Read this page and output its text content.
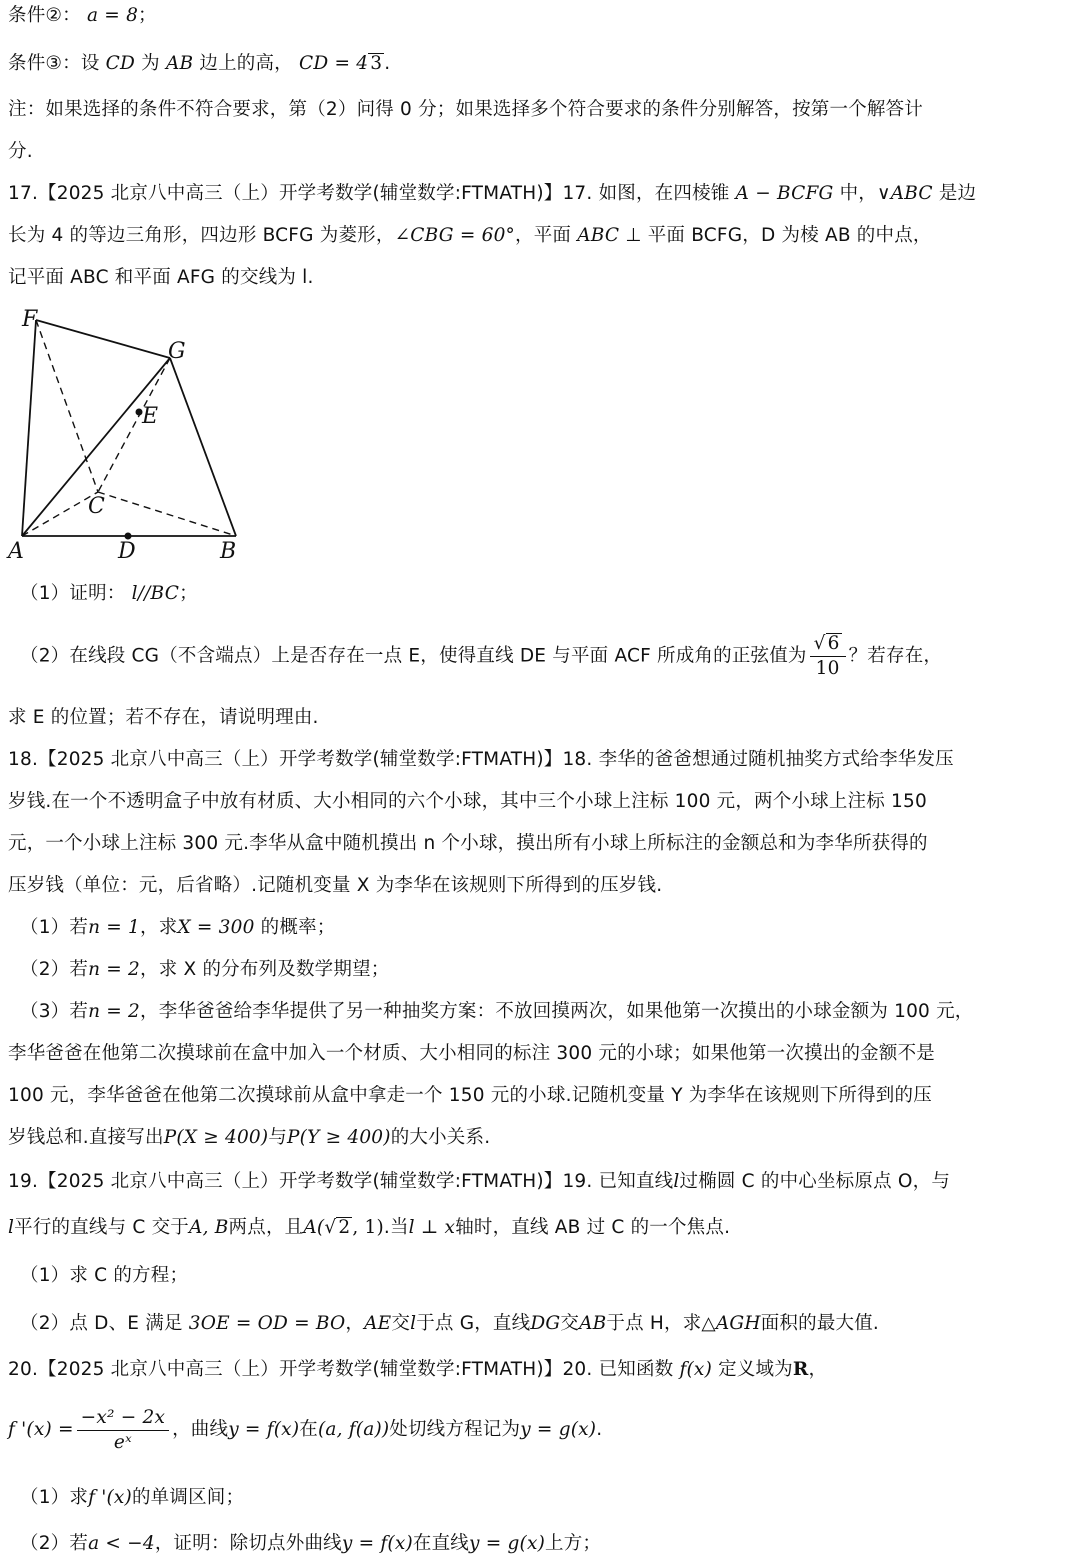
条件②： a = 8；
条件③：设 CD 为 AB 边上的高， CD = 4 3 .
注：如果选择的条件不符合要求，第（2）问得 0 分；如果选择多个符合要求的条件分别解答，按第一个解答计
分.
17.【2025 北京八中高三（上）开学考数学(辅堂数学:FTMATH)】17. 如图，在四棱锥 A − BCFG 中，∨ABC 是边
长为 4 的等边三角形，四边形 BCFG 为菱形，∠CBG = 60°，平面 ABC ⊥ 平面 BCFG，D 为棱 AB 的中点，
记平面 ABC 和平面 AFG 的交线为 l.
F
G
E
C
A	D	B
（1）证明： l//BC；
（2）在线段 CG（不含端点）上是否存在一点 E，使得直线 DE 与平面 ACF 所成角的正弦值为 $\frac{√ 6}{10}$ ？若存在，
求 E 的位置；若不存在，请说明理由.
18.【2025 北京八中高三（上）开学考数学(辅堂数学:FTMATH)】18. 李华的爸爸想通过随机抽奖方式给李华发压
岁钱.在一个不透明盒子中放有材质、大小相同的六个小球，其中三个小球上注标 100 元，两个小球上注标 150
元，一个小球上注标 300 元.李华从盒中随机摸出 n 个小球，摸出所有小球上所标注的金额总和为李华所获得的
压岁钱（单位：元，后省略）.记随机变量 X 为李华在该规则下所得到的压岁钱.
（1）若n = 1，求X = 300 的概率；
（2）若n = 2，求 X 的分布列及数学期望；
（3）若n = 2，李华爸爸给李华提供了另一种抽奖方案：不放回摸两次，如果他第一次摸出的小球金额为 100 元，
李华爸爸在他第二次摸球前在盒中加入一个材质、大小相同的标注 300 元的小球；如果他第一次摸出的金额不是
100 元，李华爸爸在他第二次摸球前从盒中拿走一个 150 元的小球.记随机变量 Y 为李华在该规则下所得到的压
岁钱总和.直接写出P(X ≥ 400)与P(Y ≥ 400)的大小关系.
19.【2025 北京八中高三（上）开学考数学(辅堂数学:FTMATH)】19. 已知直线l过椭圆 C 的中心坐标原点 O，与
l平行的直线与 C 交于A, B两点，且A(√ 2 , 1).当l ⊥ x轴时，直线 AB 过 C 的一个焦点.
（1）求 C 的方程；
（2）点 D、E 满足 3OE = OD = BO，AE交l于点 G，直线DG交AB于点 H，求△AGH面积的最大值.
20.【2025 北京八中高三（上）开学考数学(辅堂数学:FTMATH)】20. 已知函数 f(x) 定义域为R，
f '$(x) = \frac{\text{−x² − 2x}}{\text{eˣ}}$ ，曲线y = f(x)在(a, f(a))处切线方程记为y = g(x).
（1）求f '(x)的单调区间；
（2）若a < −4，证明：除切点外曲线y = f(x)在直线y = g(x)上方；
